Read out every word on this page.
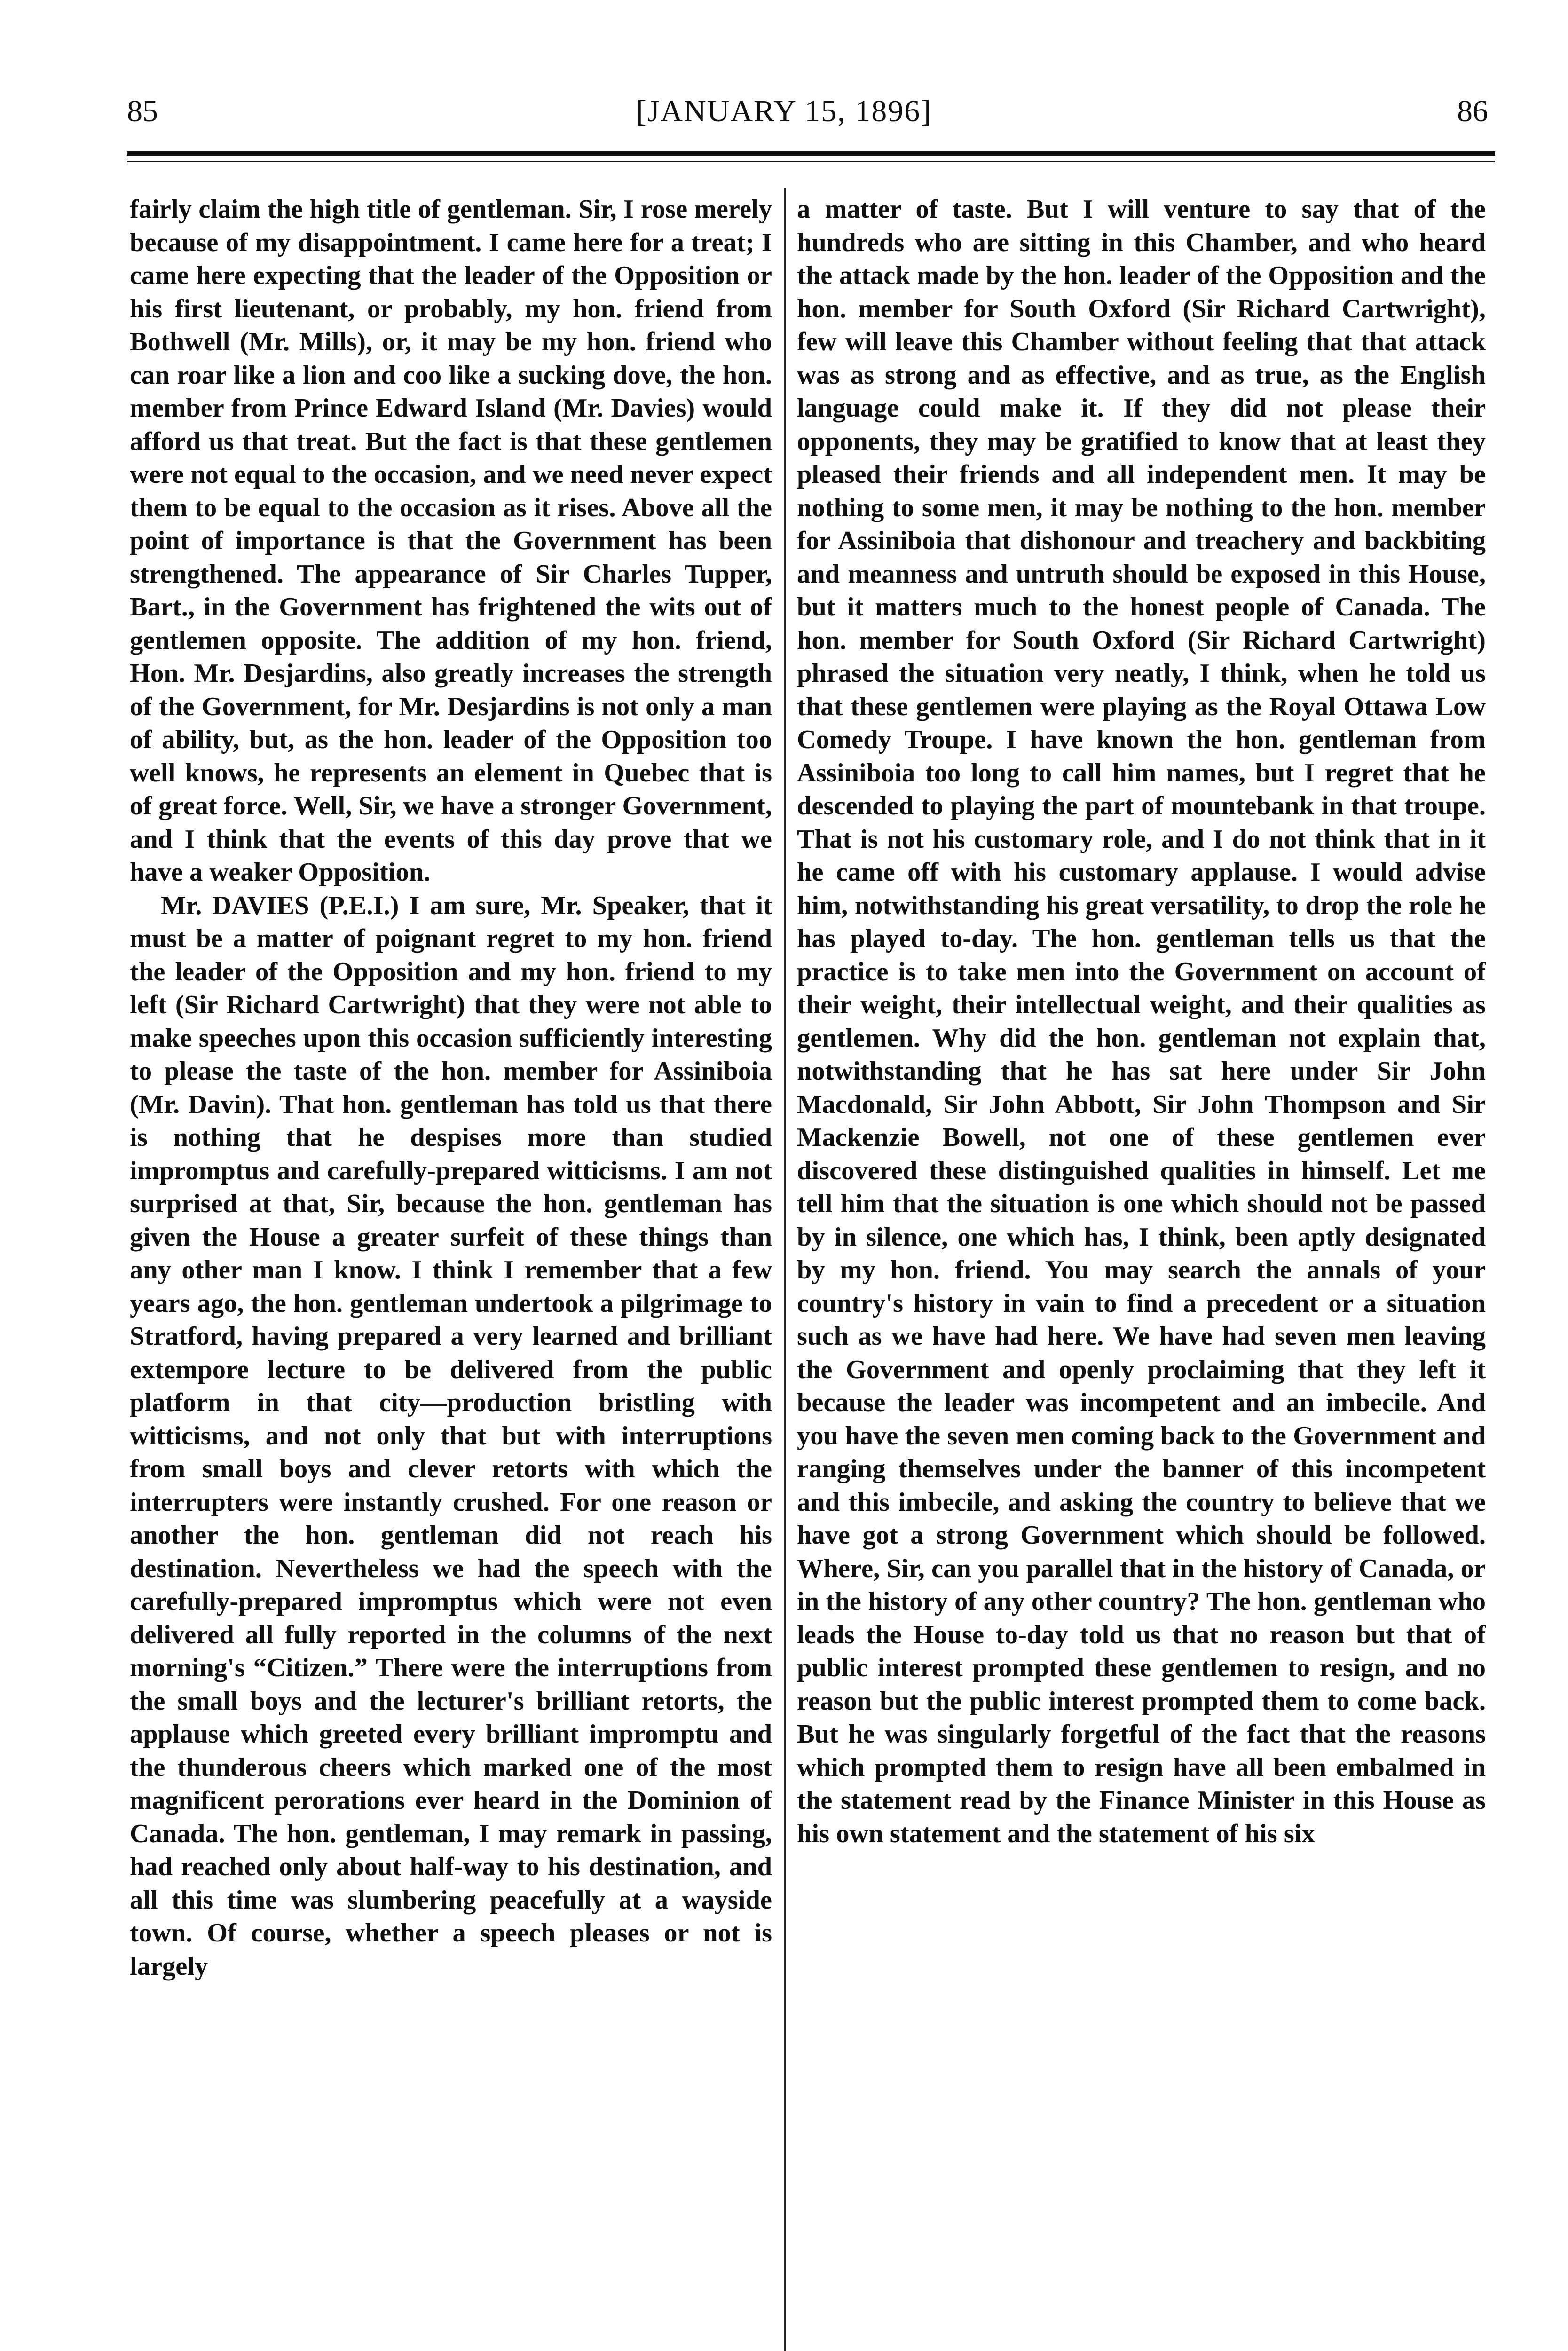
85	[JANUARY 15, 1896]	86

fairly claim the high title of gentleman. Sir, I rose merely because of my disappointment. I came here for a treat; I came here expecting that the leader of the Opposition or his first lieutenant, or probably, my hon. friend from Bothwell (Mr. Mills), or, it may be my hon. friend who can roar like a lion and coo like a sucking dove, the hon. member from Prince Edward Island (Mr. Davies) would afford us that treat. But the fact is that these gentlemen were not equal to the occasion, and we need never expect them to be equal to the occasion as it rises. Above all the point of importance is that the Government has been strengthened. The appearance of Sir Charles Tupper, Bart., in the Government has frightened the wits out of gentlemen opposite. The addition of my hon. friend, Hon. Mr. Desjardins, also greatly increases the strength of the Government, for Mr. Desjardins is not only a man of ability, but, as the hon. leader of the Opposition too well knows, he represents an element in Quebec that is of great force. Well, Sir, we have a stronger Government, and I think that the events of this day prove that we have a weaker Opposition.

Mr. DAVIES (P.E.I.) I am sure, Mr. Speaker, that it must be a matter of poignant regret to my hon. friend the leader of the Opposition and my hon. friend to my left (Sir Richard Cartwright) that they were not able to make speeches upon this occasion sufficiently interesting to please the taste of the hon. member for Assiniboia (Mr. Davin). That hon. gentleman has told us that there is nothing that he despises more than studied impromptus and carefully-prepared witticisms. I am not surprised at that, Sir, because the hon. gentleman has given the House a greater surfeit of these things than any other man I know. I think I remember that a few years ago, the hon. gentleman undertook a pilgrimage to Stratford, having prepared a very learned and brilliant extempore lecture to be delivered from the public platform in that city—production bristling with witticisms, and not only that but with interruptions from small boys and clever retorts with which the interrupters were instantly crushed. For one reason or another the hon. gentleman did not reach his destination. Nevertheless we had the speech with the carefully-prepared impromptus which were not even delivered all fully reported in the columns of the next morning's “Citizen.” There were the interruptions from the small boys and the lecturer's brilliant retorts, the applause which greeted every brilliant impromptu and the thunderous cheers which marked one of the most magnificent perorations ever heard in the Dominion of Canada. The hon. gentleman, I may remark in passing, had reached only about half-way to his destination, and all this time was slumbering peacefully at a wayside town. Of course, whether a speech pleases or not is largely

a matter of taste. But I will venture to say that of the hundreds who are sitting in this Chamber, and who heard the attack made by the hon. leader of the Opposition and the hon. member for South Oxford (Sir Richard Cartwright), few will leave this Chamber without feeling that that attack was as strong and as effective, and as true, as the English language could make it. If they did not please their opponents, they may be gratified to know that at least they pleased their friends and all independent men. It may be nothing to some men, it may be nothing to the hon. member for Assiniboia that dishonour and treachery and backbiting and meanness and untruth should be exposed in this House, but it matters much to the honest people of Canada. The hon. member for South Oxford (Sir Richard Cartwright) phrased the situation very neatly, I think, when he told us that these gentlemen were playing as the Royal Ottawa Low Comedy Troupe. I have known the hon. gentleman from Assiniboia too long to call him names, but I regret that he descended to playing the part of mountebank in that troupe. That is not his customary role, and I do not think that in it he came off with his customary applause. I would advise him, notwithstanding his great versatility, to drop the role he has played to-day. The hon. gentleman tells us that the practice is to take men into the Government on account of their weight, their intellectual weight, and their qualities as gentlemen. Why did the hon. gentleman not explain that, notwithstanding that he has sat here under Sir John Macdonald, Sir John Abbott, Sir John Thompson and Sir Mackenzie Bowell, not one of these gentlemen ever discovered these distinguished qualities in himself. Let me tell him that the situation is one which should not be passed by in silence, one which has, I think, been aptly designated by my hon. friend. You may search the annals of your country's history in vain to find a precedent or a situation such as we have had here. We have had seven men leaving the Government and openly proclaiming that they left it because the leader was incompetent and an imbecile. And you have the seven men coming back to the Government and ranging themselves under the banner of this incompetent and this imbecile, and asking the country to believe that we have got a strong Government which should be followed. Where, Sir, can you parallel that in the history of Canada, or in the history of any other country? The hon. gentleman who leads the House to-day told us that no reason but that of public interest prompted these gentlemen to resign, and no reason but the public interest prompted them to come back. But he was singularly forgetful of the fact that the reasons which prompted them to resign have all been embalmed in the statement read by the Finance Minister in this House as his own statement and the statement of his six
